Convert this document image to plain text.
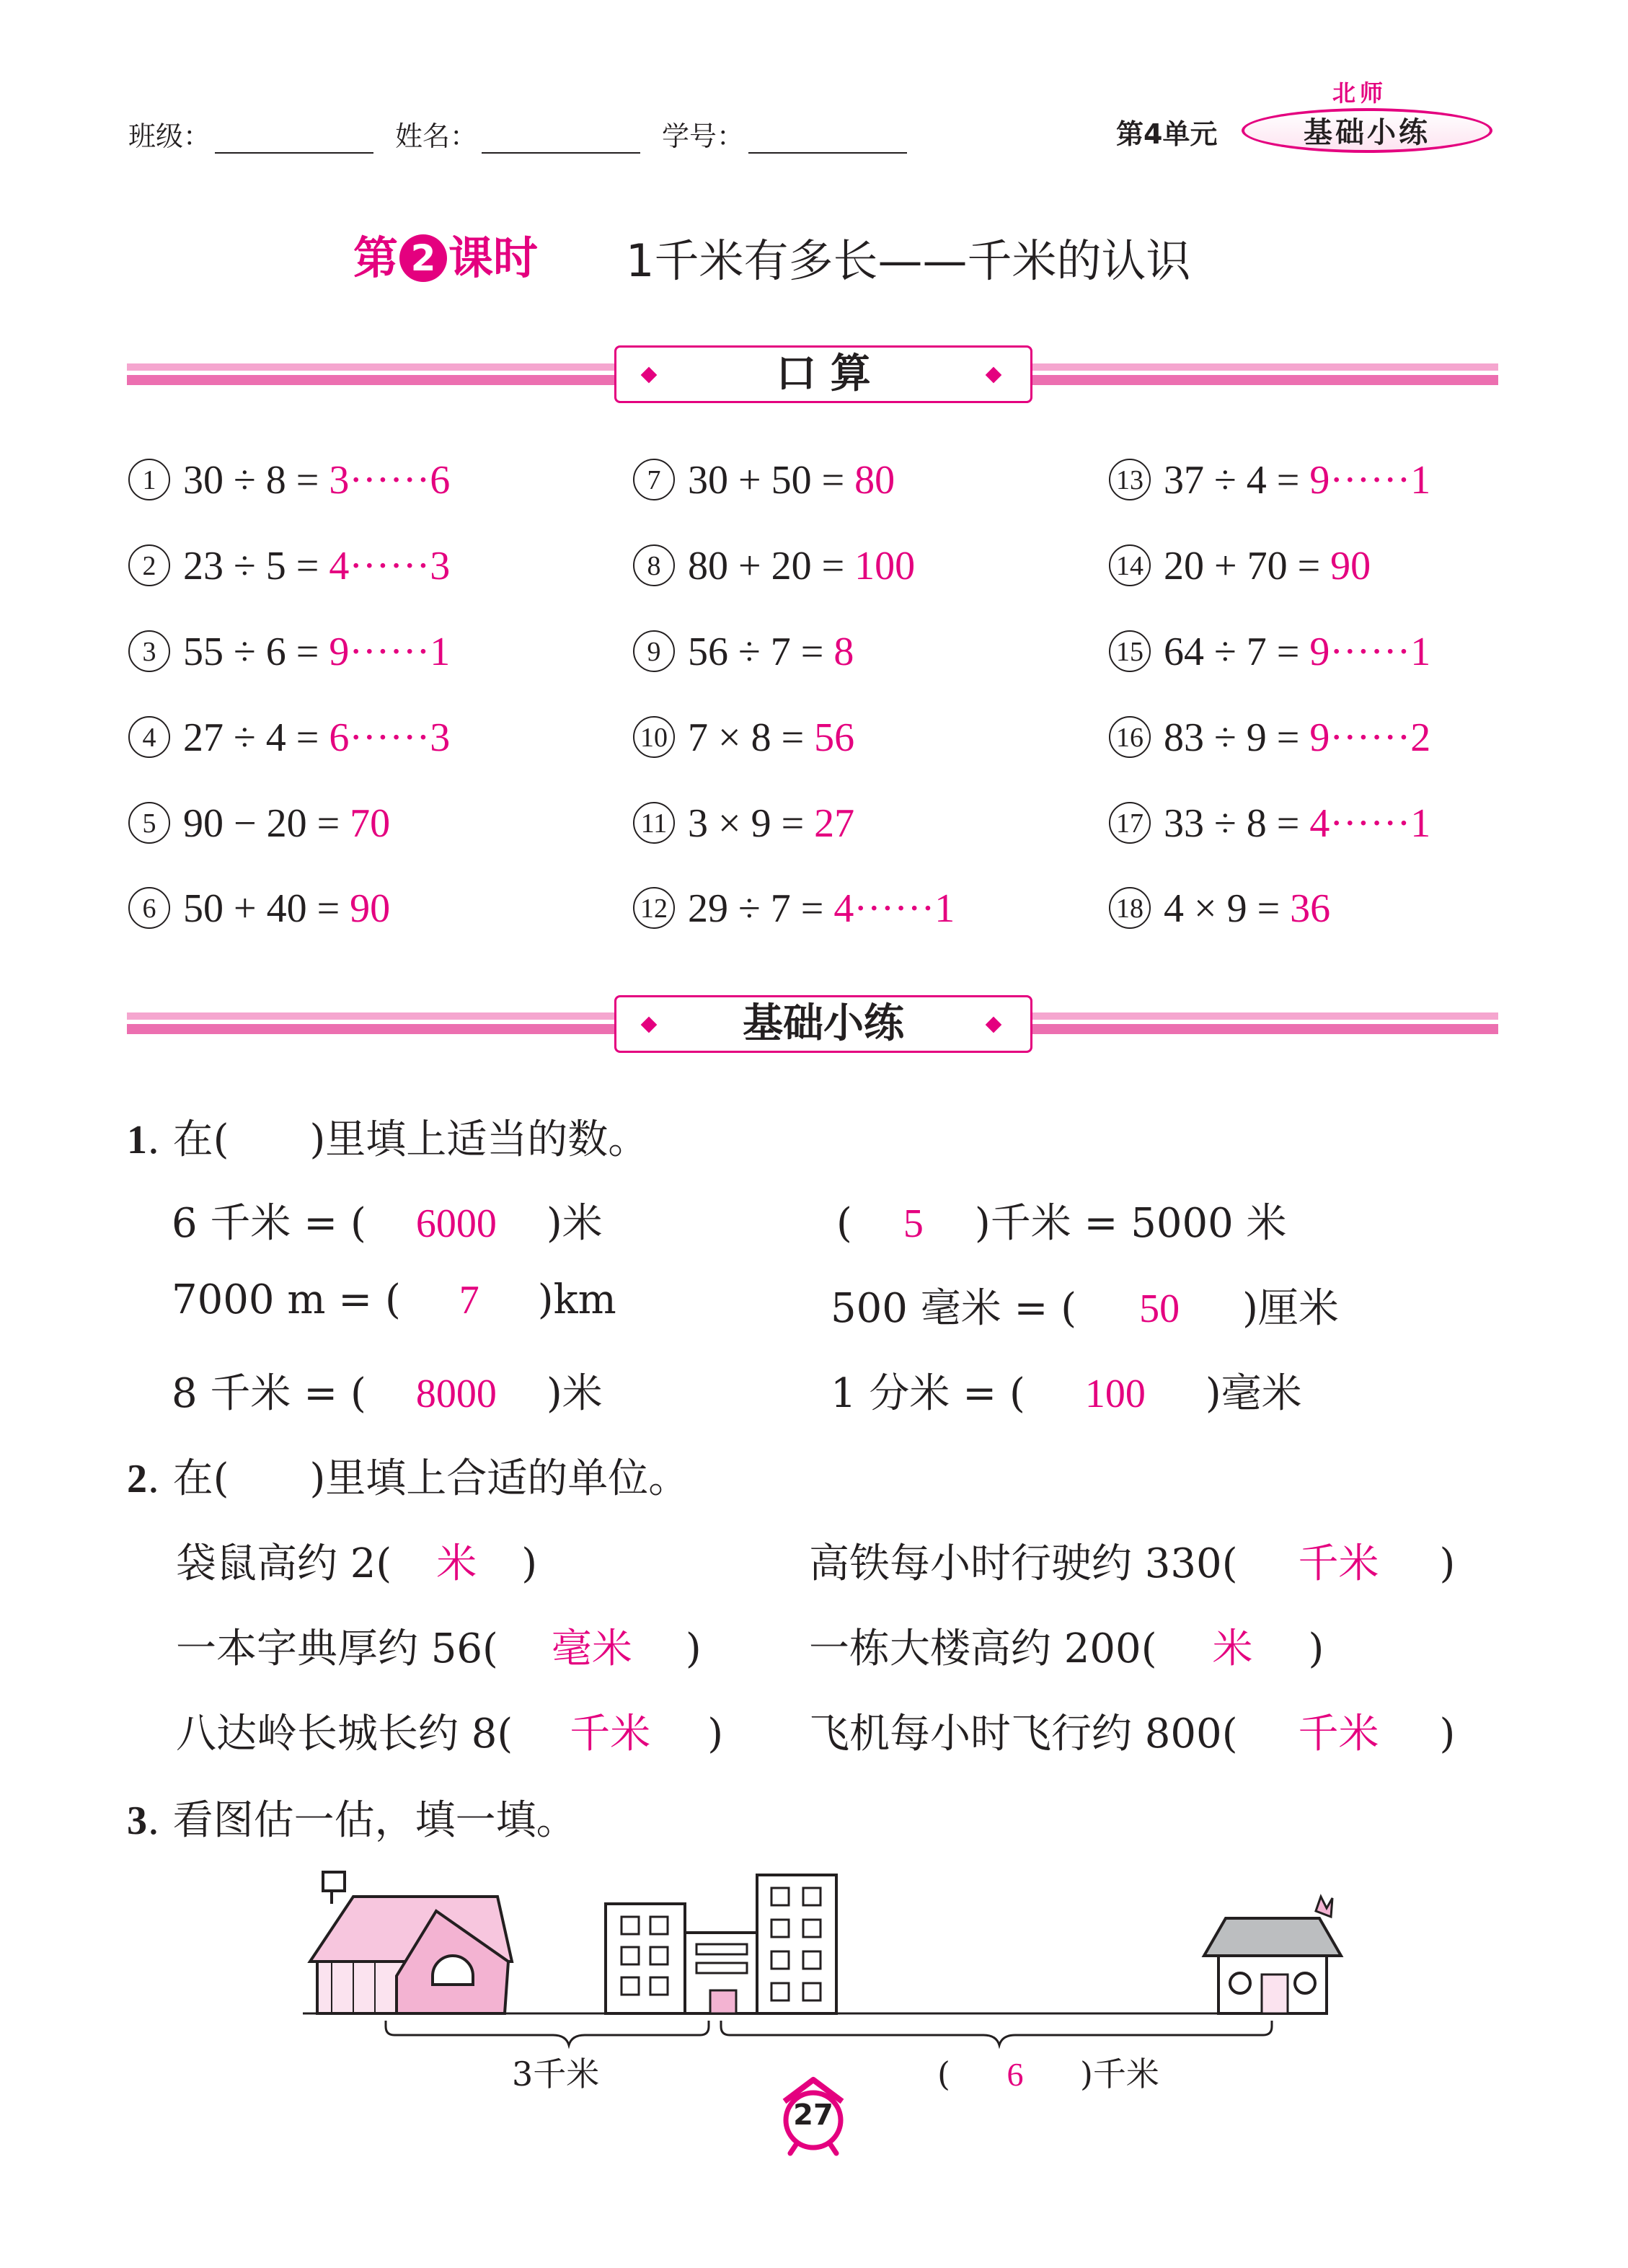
班级：	姓名：	学号：	第4单元	基础小练
北师
第 2 课时 1千米有多长——千米的认识
口 算
1 30 ÷ 8 = 3······6
2 23 ÷ 5 = 4······3
3 55 ÷ 6 = 9······1
4 27 ÷ 4 = 6······3
5 90 − 20 = 70
6 50 + 40 = 90
7 30 + 50 = 80
8 80 + 20 = 100
9 56 ÷ 7 = 8
10 7 × 8 = 56
11 3 × 9 = 27
12 29 ÷ 7 = 4······1
13 37 ÷ 4 = 9······1
14 20 + 70 = 90
15 64 ÷ 7 = 9······1
16 83 ÷ 9 = 9······2
17 33 ÷ 8 = 4······1
18 4 × 9 = 36
基础小练
1. 在(　　)里填上适当的数。
6 千米 = ( 6000 )米	( 5 )千米 = 5000 米
7000 m = ( 7 )km	500 毫米 = ( 50 )厘米
8 千米 = ( 8000 )米	1 分米 = ( 100 )毫米
2. 在(　　)里填上合适的单位。
袋鼠高约 2( 米 )	高铁每小时行驶约 330( 千米 )
一本字典厚约 56( 毫米 )	一栋大楼高约 200( 米 )
八达岭长城长约 8( 千米 ) 飞机每小时飞行约 800( 千米 )
3. 看图估一估，填一填。
3千米	( 6 )千米
27
